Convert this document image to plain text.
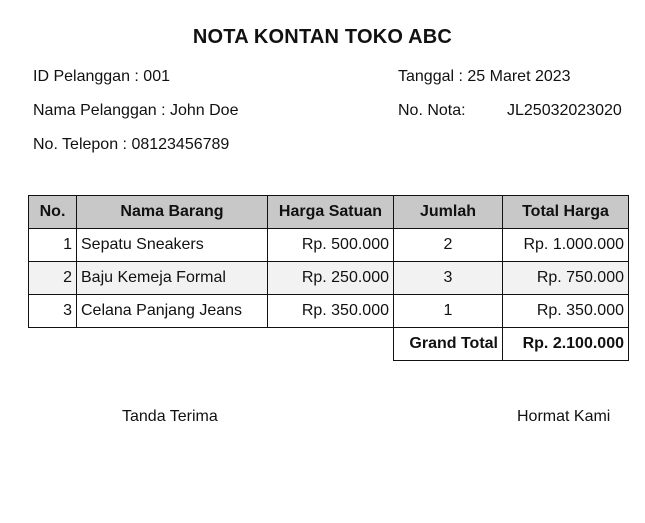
NOTA KONTAN TOKO ABC
ID Pelanggan : 001
Nama Pelanggan : John Doe
No. Telepon : 08123456789
Tanggal : 25 Maret 2023
No. Nota:	JL25032023020
No.	Nama Barang	Harga Satuan	Jumlah	Total Harga
1	Sepatu Sneakers	Rp. 500.000	2	Rp. 1.000.000
2	Baju Kemeja Formal	Rp. 250.000	3	Rp. 750.000
3	Celana Panjang Jeans	Rp. 350.000	1	Rp. 350.000
			Grand Total	Rp. 2.100.000
Tanda Terima	Hormat Kami
